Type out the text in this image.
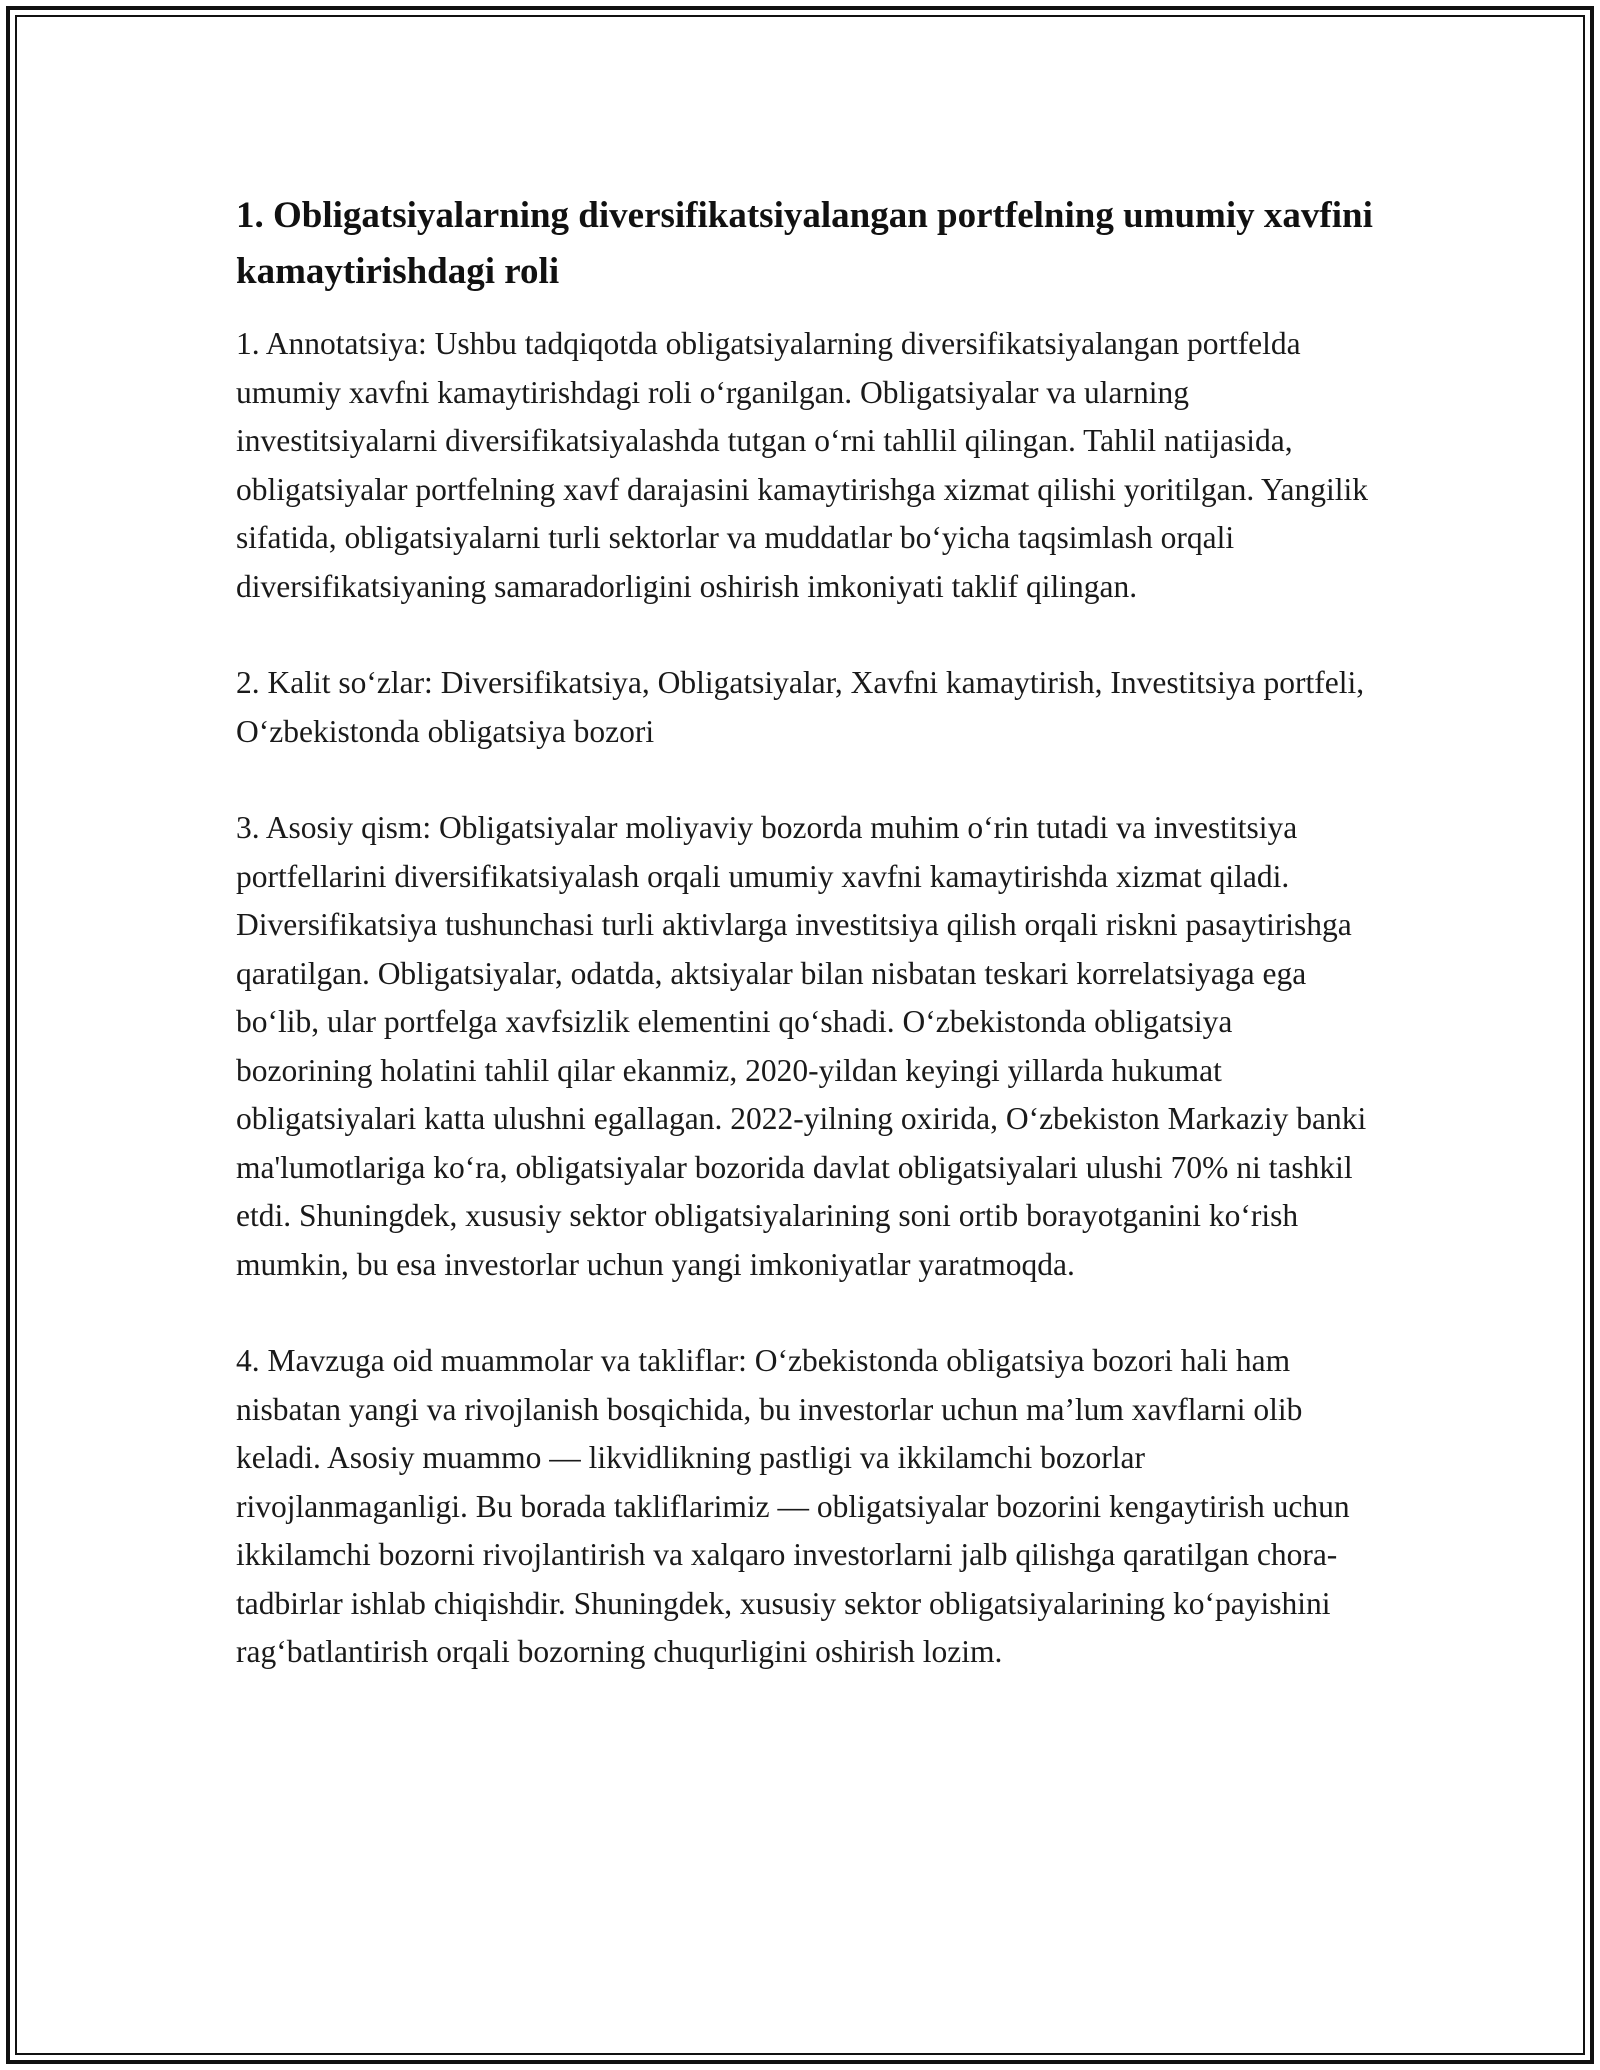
1. Obligatsiyalarning diversifikatsiyalangan portfelning umumiy xavfini kamaytirishdagi roli

1. Annotatsiya: Ushbu tadqiqotda obligatsiyalarning diversifikatsiyalangan portfelda umumiy xavfni kamaytirishdagi roli o‘rganilgan. Obligatsiyalar va ularning investitsiyalarni diversifikatsiyalashda tutgan o‘rni tahllil qilingan. Tahlil natijasida, obligatsiyalar portfelning xavf darajasini kamaytirishga xizmat qilishi yoritilgan. Yangilik sifatida, obligatsiyalarni turli sektorlar va muddatlar bo‘yicha taqsimlash orqali diversifikatsiyaning samaradorligini oshirish imkoniyati taklif qilingan.

2. Kalit so‘zlar: Diversifikatsiya, Obligatsiyalar, Xavfni kamaytirish, Investitsiya portfeli, O‘zbekistonda obligatsiya bozori

3. Asosiy qism: Obligatsiyalar moliyaviy bozorda muhim o‘rin tutadi va investitsiya portfellarini diversifikatsiyalash orqali umumiy xavfni kamaytirishda xizmat qiladi. Diversifikatsiya tushunchasi turli aktivlarga investitsiya qilish orqali riskni pasaytirishga qaratilgan. Obligatsiyalar, odatda, aktsiyalar bilan nisbatan teskari korrelatsiyaga ega bo‘lib, ular portfelga xavfsizlik elementini qo‘shadi. O‘zbekistonda obligatsiya bozorining holatini tahlil qilar ekanmiz, 2020-yildan keyingi yillarda hukumat obligatsiyalari katta ulushni egallagan. 2022-yilning oxirida, O‘zbekiston Markaziy banki ma'lumotlariga ko‘ra, obligatsiyalar bozorida davlat obligatsiyalari ulushi 70% ni tashkil etdi. Shuningdek, xususiy sektor obligatsiyalarining soni ortib borayotganini ko‘rish mumkin, bu esa investorlar uchun yangi imkoniyatlar yaratmoqda.

4. Mavzuga oid muammolar va takliflar: O‘zbekistonda obligatsiya bozori hali ham nisbatan yangi va rivojlanish bosqichida, bu investorlar uchun ma’lum xavflarni olib keladi. Asosiy muammo — likvidlikning pastligi va ikkilamchi bozorlar rivojlanmaganligi. Bu borada takliflarimiz — obligatsiyalar bozorini kengaytirish uchun ikkilamchi bozorni rivojlantirish va xalqaro investorlarni jalb qilishga qaratilgan chora-tadbirlar ishlab chiqishdir. Shuningdek, xususiy sektor obligatsiyalarining ko‘payishini rag‘batlantirish orqali bozorning chuqurligini oshirish lozim.
